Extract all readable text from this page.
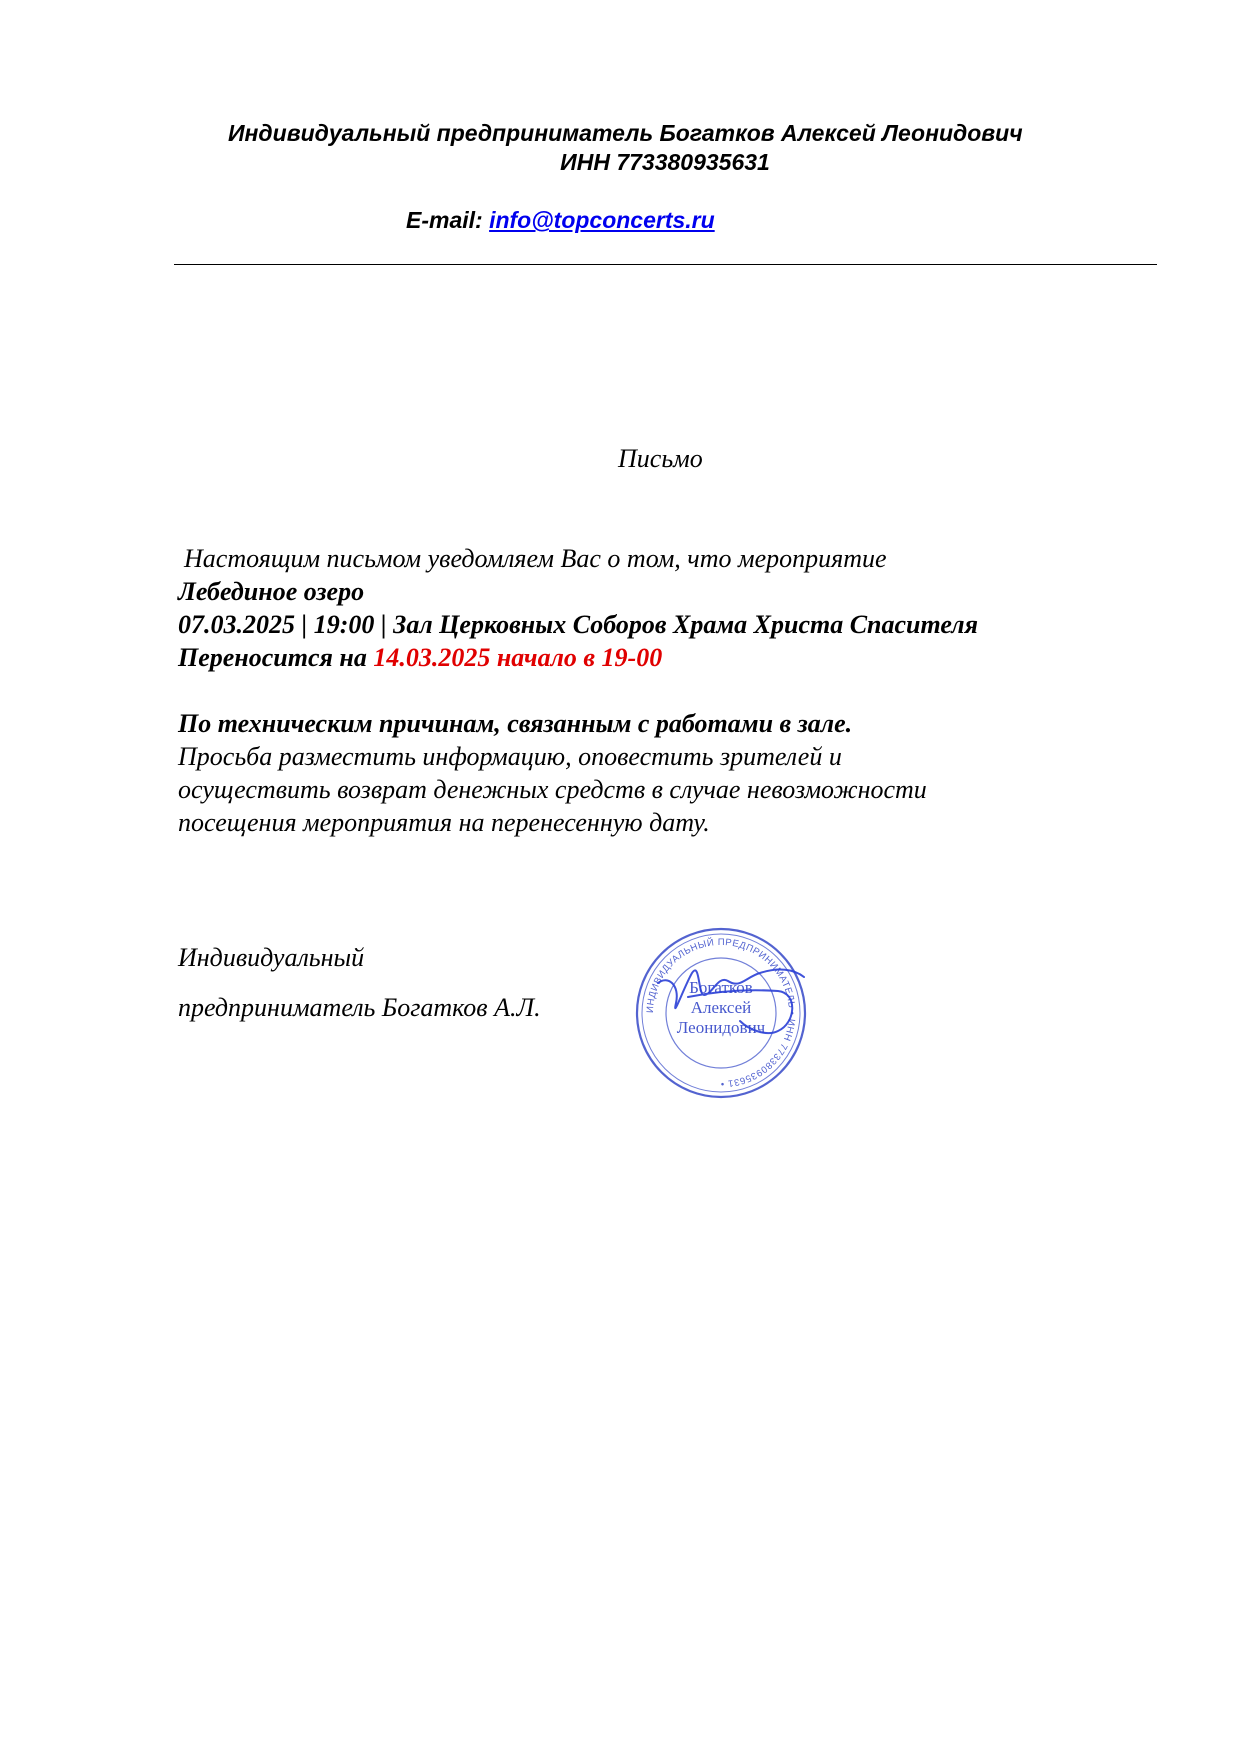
Индивидуальный предприниматель Богатков Алексей Леонидович
ИНН 773380935631
E-mail: info@topconcerts.ru
Письмо
Настоящим письмом уведомляем Вас о том, что мероприятие
Лебединое озеро
07.03.2025 | 19:00 | Зал Церковных Соборов Храма Христа Спасителя
Переносится на 14.03.2025 начало в 19-00
По техническим причинам, связанным с работами в зале.
Просьба разместить информацию, оповестить зрителей и
осуществить возврат денежных средств в случае невозможности
посещения мероприятия на перенесенную дату.
Индивидуальный
предприниматель Богатков А.Л.	ИНДИВИДУАЛЬНЫЙ ПРЕДПРИНИМАТЕЛЬ • ИНН 773380935631 •
Богатков
Алексей
Леонидович
